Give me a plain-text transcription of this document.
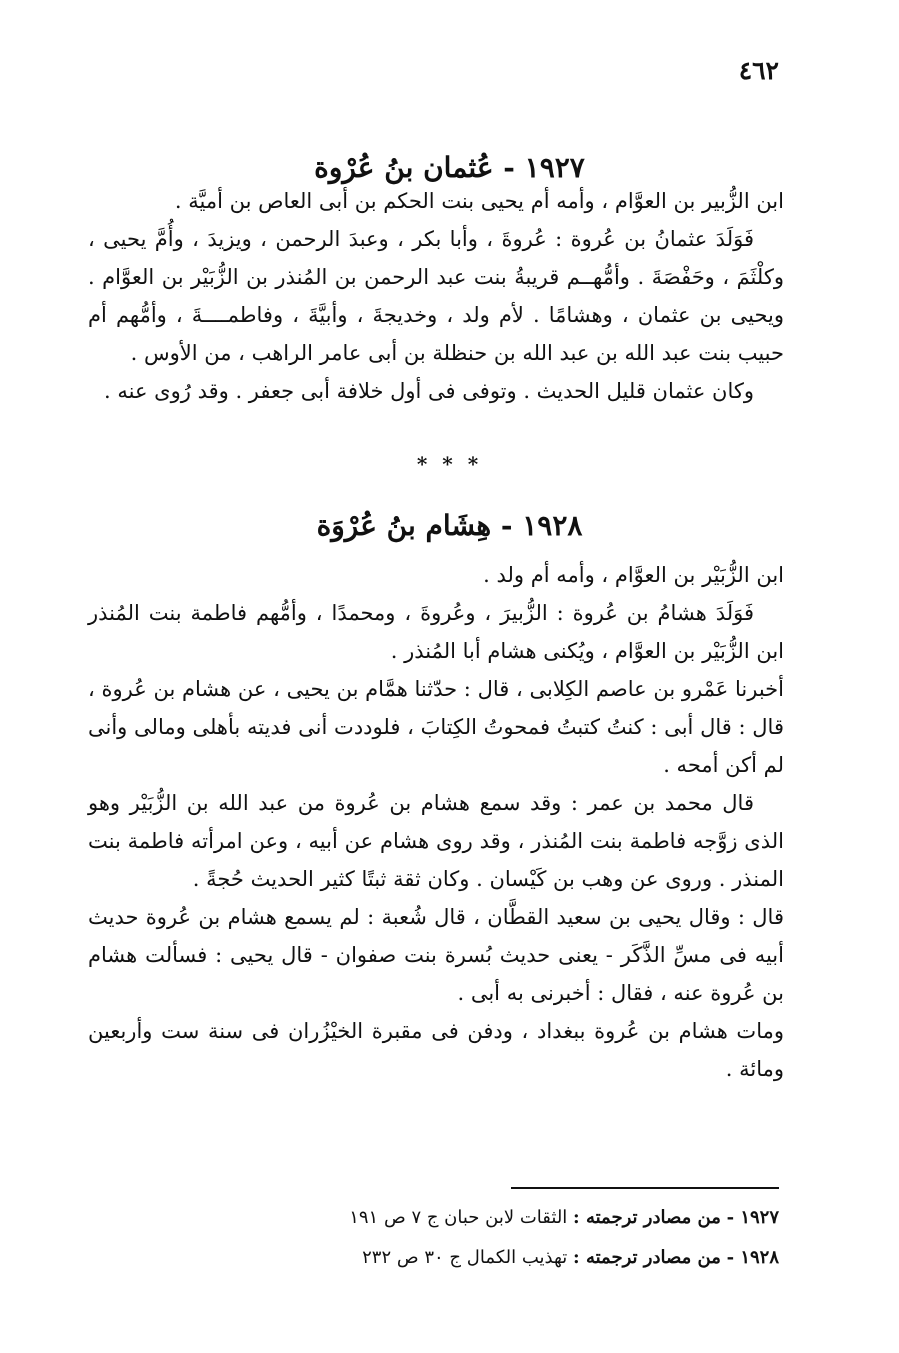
٤٦٢
١٩٢٧ - عُثمان بنُ عُرْوة

ابن الزُّبير بن العوَّام ، وأمه أم يحيى بنت الحكم بن أبى العاص بن أميَّة .

فَوَلَدَ عثمانُ بن عُروة : عُروةَ ، وأبا بكر ، وعبدَ الرحمن ، ويزيدَ ، وأُمَّ يحيى ، وكلْثَمَ ، وحَفْصَةَ . وأمُّهــم قريبةُ بنت عبد الرحمن بن المُنذر بن الزُّبَيْر بن العوَّام . ويحيى بن عثمان ، وهشامًا . لأم ولد ، وخديجةَ ، وأبيَّةَ ، وفاطمــــةَ ، وأمُّهم أم حبيب بنت عبد الله بن عبد الله بن حنظلة بن أبى عامر الراهب ، من الأوس .

وكان عثمان قليل الحديث . وتوفى فى أول خلافة أبى جعفر . وقد رُوى عنه .

* * *
١٩٢٨ - هِشَام بنُ عُرْوَة

ابن الزُّبَيْر بن العوَّام ، وأمه أم ولد .

فَوَلَدَ هشامُ بن عُروة : الزُّبيرَ ، وعُروةَ ، ومحمدًا ، وأمُّهم فاطمة بنت المُنذر ابن الزُّبَيْر بن العوَّام ، ويُكنى هشام أبا المُنذر .

أخبرنا عَمْرو بن عاصم الكِلابى ، قال : حدّثنا همَّام بن يحيى ، عن هشام بن عُروة ، قال : قال أبى : كنتُ كتبتُ فمحوتُ الكِتابَ ، فلوددت أنى فديته بأهلى ومالى وأنى لم أكن أمحه .

قال محمد بن عمر : وقد سمع هشام بن عُروة من عبد الله بن الزُّبَيْر وهو الذى زوَّجه فاطمة بنت المُنذر ، وقد روى هشام عن أبيه ، وعن امرأته فاطمة بنت المنذر . وروى عن وهب بن كَيْسان . وكان ثقة ثبتًا كثير الحديث حُجةً .

قال : وقال يحيى بن سعيد القطَّان ، قال شُعبة : لم يسمع هشام بن عُروة حديث أبيه فى مسِّ الذَّكَر - يعنى حديث بُسرة بنت صفوان - قال يحيى : فسألت هشام بن عُروة عنه ، فقال : أخبرنى به أبى .

ومات هشام بن عُروة ببغداد ، ودفن فى مقبرة الخيْزُران فى سنة ست وأربعين ومائة .

١٩٢٧ - من مصادر ترجمته : الثقات لابن حبان ج ٧ ص ١٩١
١٩٢٨ - من مصادر ترجمته : تهذيب الكمال ج ٣٠ ص ٢٣٢
